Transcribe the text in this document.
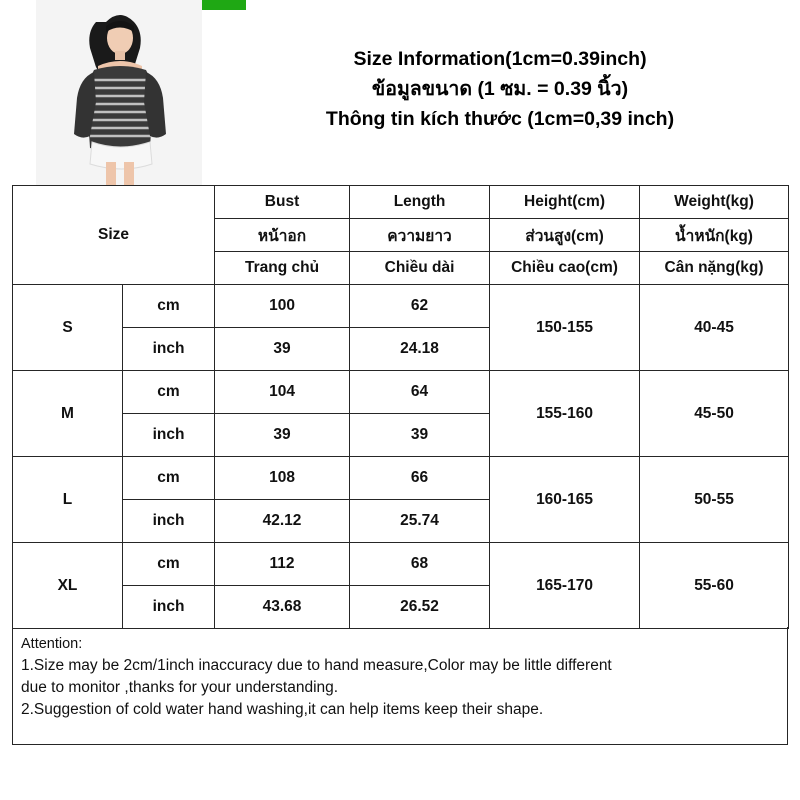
Size Information(1cm=0.39inch)
ข้อมูลขนาด (1 ซม. = 0.39 นิ้ว)
Thông tin kích thước (1cm=0,39 inch)
Size		Bust	Length	Height(cm)	Weight(kg)
		หน้าอก	ความยาว	ส่วนสูง(cm)	น้ำหนัก(kg)
		Trang chủ	Chiều dài	Chiều cao(cm)	Cân nặng(kg)
S	cm	100	62	150-155	40-45
	inch	39	24.18		
M	cm	104	64	155-160	45-50
	inch	39	39		
L	cm	108	66	160-165	50-55
	inch	42.12	25.74		
XL	cm	112	68	165-170	55-60
	inch	43.68	26.52		
Attention:
1.Size may be 2cm/1inch inaccuracy due to hand measure,Color may be little different
due to monitor ,thanks for your understanding.
2.Suggestion of cold water hand washing,it can help items keep their shape.
